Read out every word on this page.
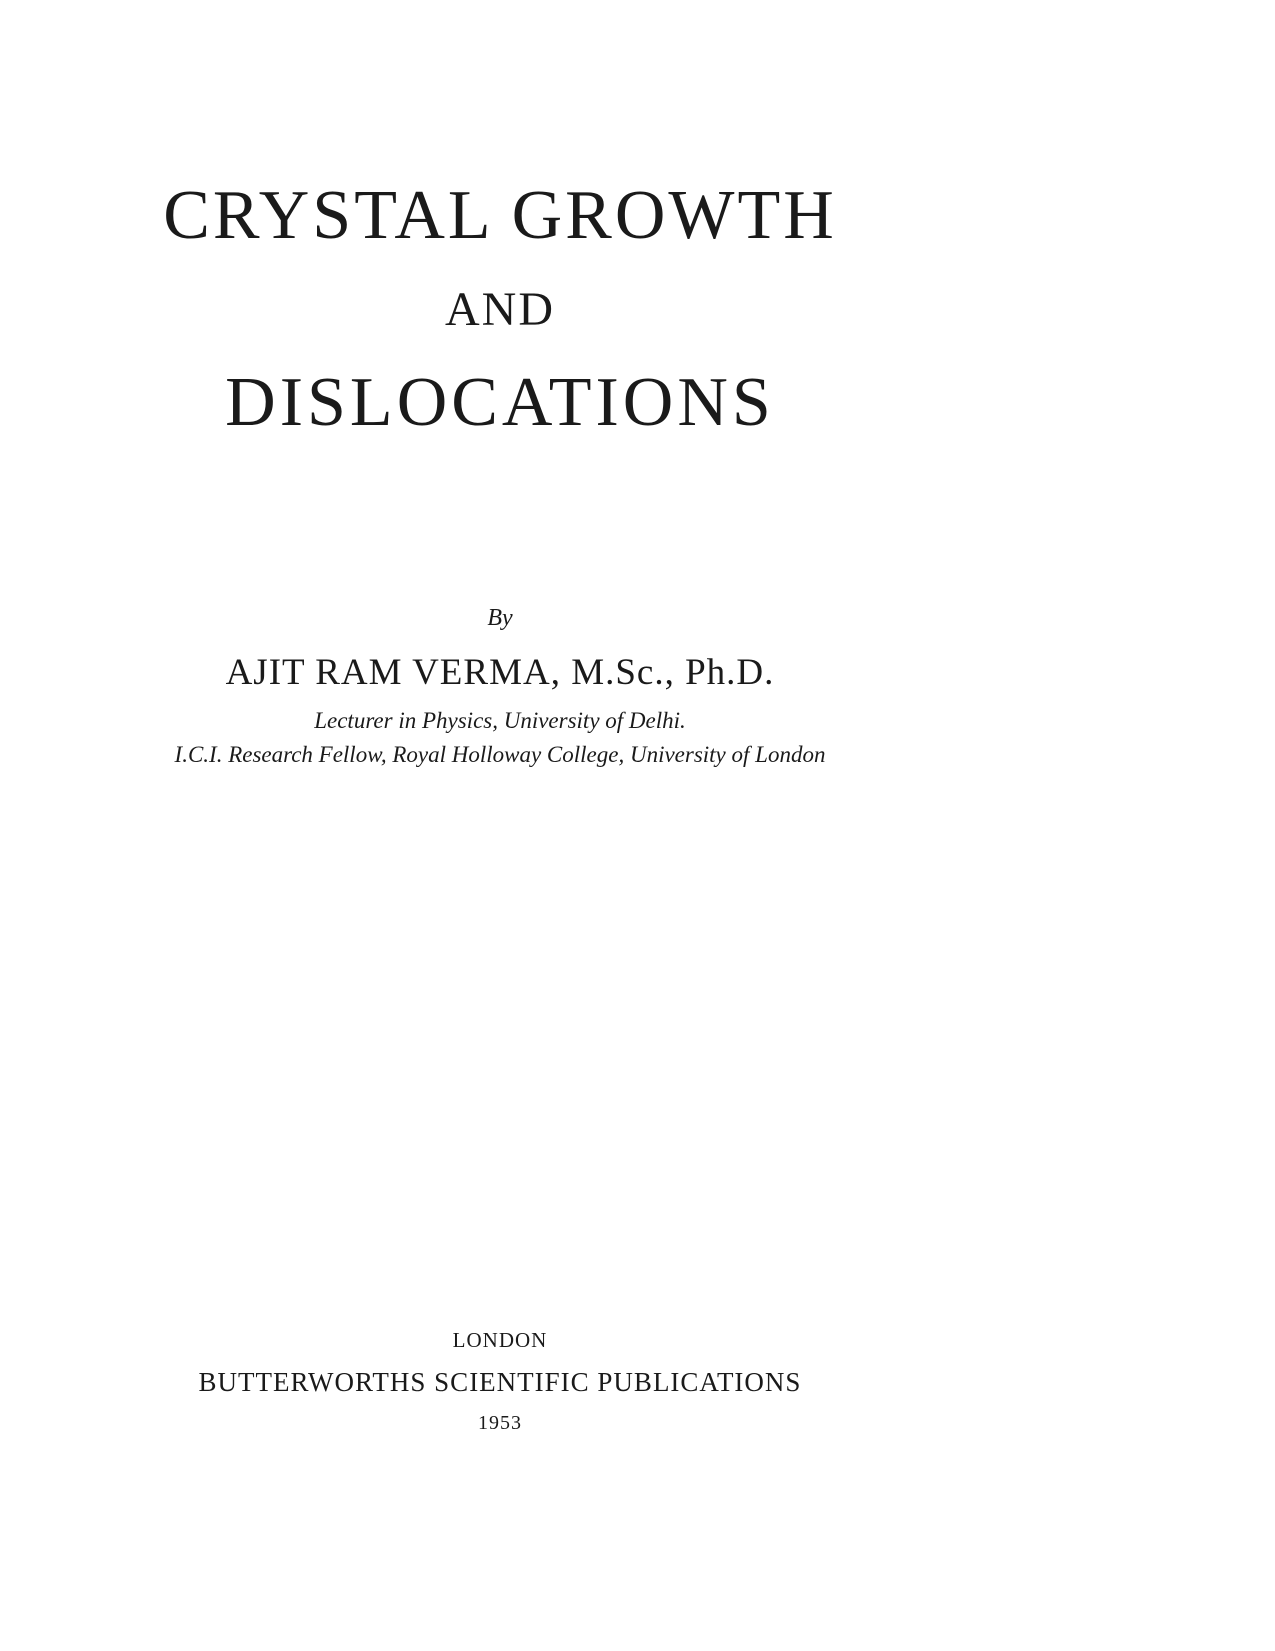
CRYSTAL GROWTH
AND
DISLOCATIONS
By
AJIT RAM VERMA, M.Sc., Ph.D.
Lecturer in Physics, University of Delhi.
I.C.I. Research Fellow, Royal Holloway College, University of London
LONDON
BUTTERWORTHS SCIENTIFIC PUBLICATIONS
1953
